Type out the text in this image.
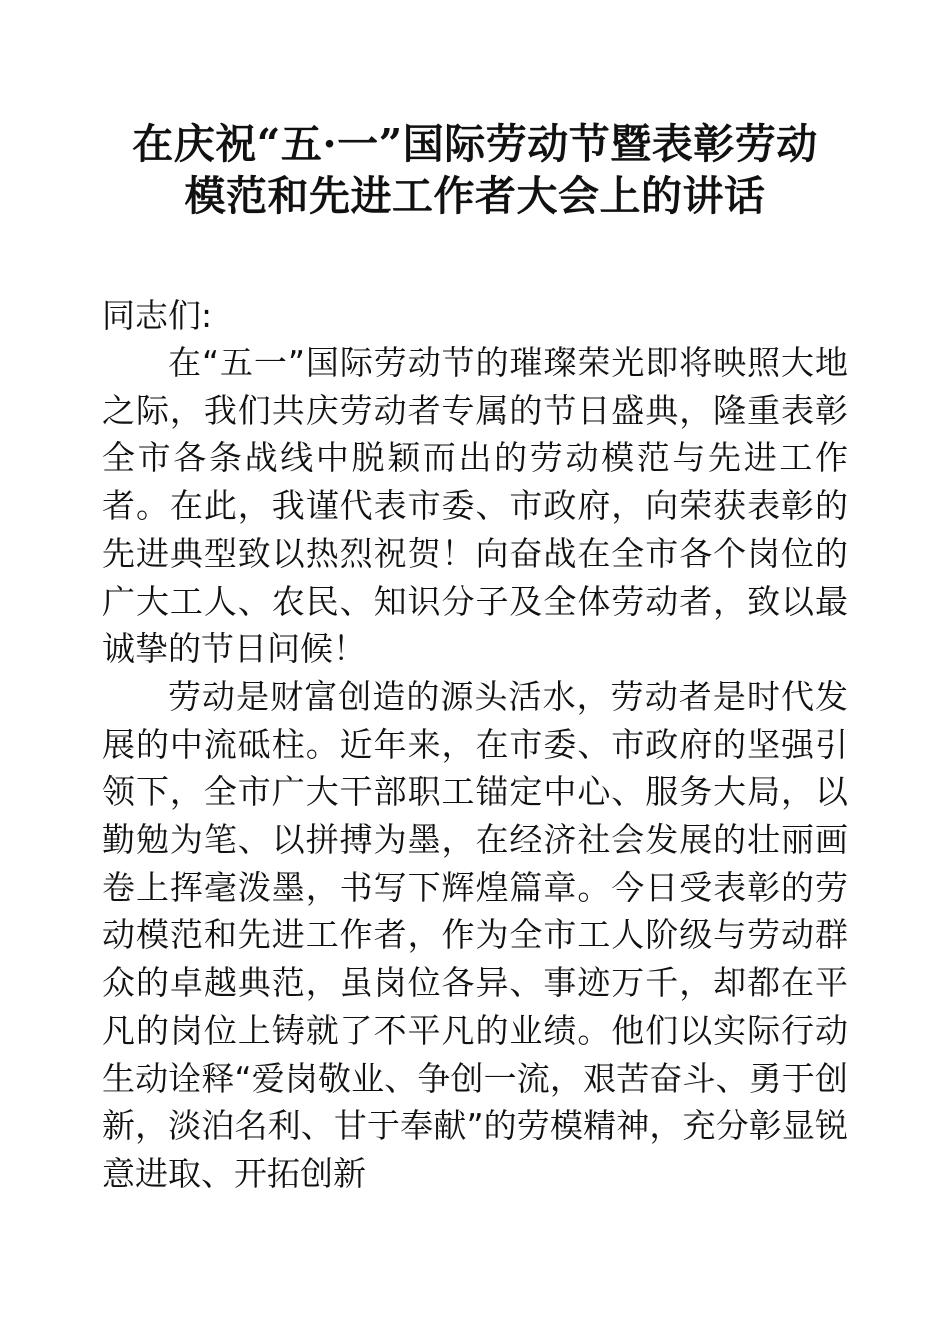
在庆祝“五·一”国际劳动节暨表彰劳动
模范和先进工作者大会上的讲话

同志们:

在“五一”国际劳动节的璀璨荣光即将映照大地之际，我们共庆劳动者专属的节日盛典，隆重表彰全市各条战线中脱颖而出的劳动模范与先进工作者。在此，我谨代表市委、市政府，向荣获表彰的先进典型致以热烈祝贺！向奋战在全市各个岗位的广大工人、农民、知识分子及全体劳动者，致以最诚挚的节日问候！

劳动是财富创造的源头活水，劳动者是时代发展的中流砥柱。近年来，在市委、市政府的坚强引领下，全市广大干部职工锚定中心、服务大局，以勤勉为笔、以拼搏为墨，在经济社会发展的壮丽画卷上挥毫泼墨，书写下辉煌篇章。今日受表彰的劳动模范和先进工作者，作为全市工人阶级与劳动群众的卓越典范，虽岗位各异、事迹万千，却都在平凡的岗位上铸就了不平凡的业绩。他们以实际行动生动诠释“爱岗敬业、争创一流，艰苦奋斗、勇于创新，淡泊名利、甘于奉献”的劳模精神，充分彰显锐意进取、开拓创新
